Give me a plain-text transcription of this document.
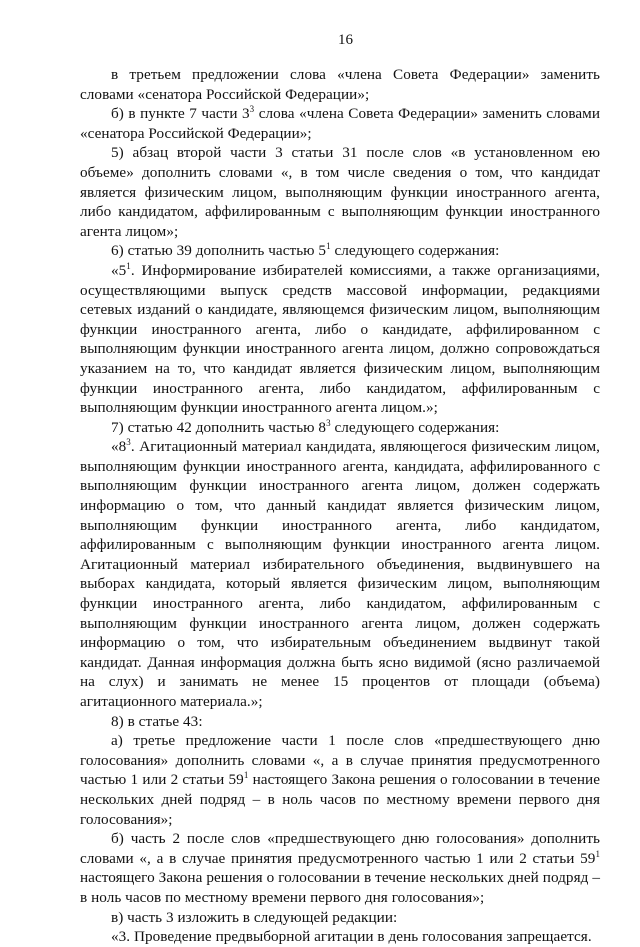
16

в третьем предложении слова «члена Совета Федерации» заменить словами «сенатора Российской Федерации»;

б) в пункте 7 части $3^3$ слова «члена Совета Федерации» заменить словами «сенатора Российской Федерации»;

5) абзац второй части 3 статьи 31 после слов «в установленном ею объеме» дополнить словами «, в том числе сведения о том, что кандидат является физическим лицом, выполняющим функции иностранного агента, либо кандидатом, аффилированным с выполняющим функции иностранного агента лицом»;

6) статью 39 дополнить частью $5^1$ следующего содержания:

«$5^1$. Информирование избирателей комиссиями, а также организациями, осуществляющими выпуск средств массовой информации, редакциями сетевых изданий о кандидате, являющемся физическим лицом, выполняющим функции иностранного агента, либо о кандидате, аффилированном с выполняющим функции иностранного агента лицом, должно сопровождаться указанием на то, что кандидат является физическим лицом, выполняющим функции иностранного агента, либо кандидатом, аффилированным с выполняющим функции иностранного агента лицом.»;

7) статью 42 дополнить частью $8^3$ следующего содержания:

«$8^3$. Агитационный материал кандидата, являющегося физическим лицом, выполняющим функции иностранного агента, кандидата, аффилированного с выполняющим функции иностранного агента лицом, должен содержать информацию о том, что данный кандидат является физическим лицом, выполняющим функции иностранного агента, либо кандидатом, аффилированным с выполняющим функции иностранного агента лицом. Агитационный материал избирательного объединения, выдвинувшего на выборах кандидата, который является физическим лицом, выполняющим функции иностранного агента, либо кандидатом, аффилированным с выполняющим функции иностранного агента лицом, должен содержать информацию о том, что избирательным объединением выдвинут такой кандидат. Данная информация должна быть ясно видимой (ясно различаемой на слух) и занимать не менее 15 процентов от площади (объема) агитационного материала.»;

8) в статье 43:

а) третье предложение части 1 после слов «предшествующего дню голосования» дополнить словами «, а в случае принятия предусмотренного частью 1 или 2 статьи $59^1$ настоящего Закона решения о голосовании в течение нескольких дней подряд – в ноль часов по местному времени первого дня голосования»;

б) часть 2 после слов «предшествующего дню голосования» дополнить словами «, а в случае принятия предусмотренного частью 1 или 2 статьи $59^1$ настоящего Закона решения о голосовании в течение нескольких дней подряд – в ноль часов по местному времени первого дня голосования»;

в) часть 3 изложить в следующей редакции:

«3. Проведение предвыборной агитации в день голосования запрещается.
